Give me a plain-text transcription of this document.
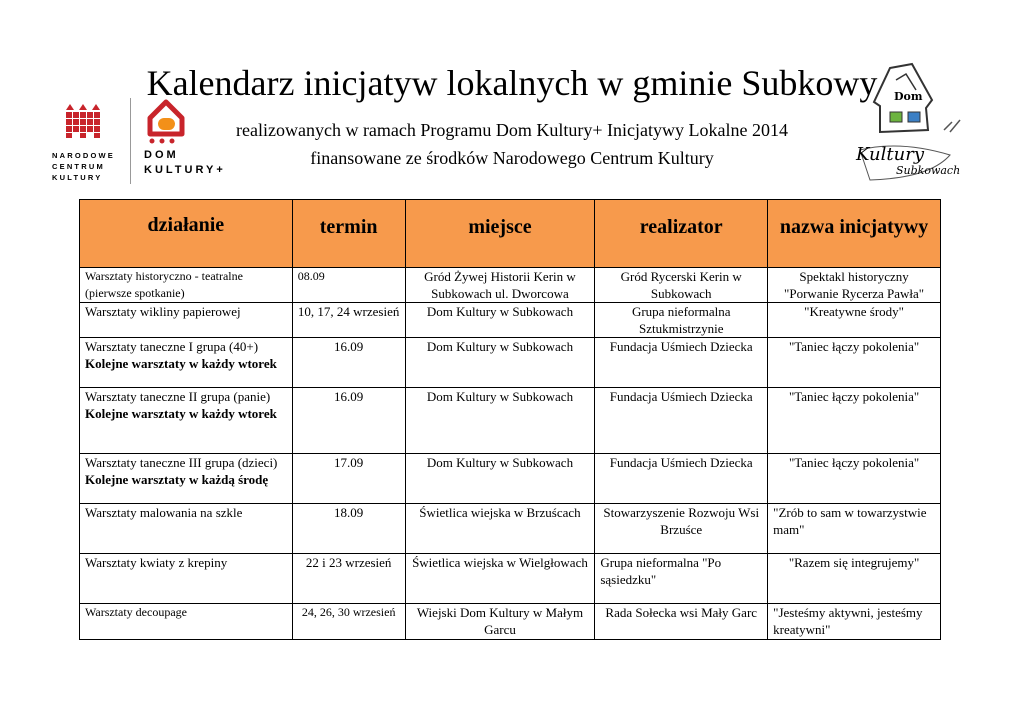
Kalendarz inicjatyw lokalnych w gminie Subkowy
realizowanych w ramach Programu Dom Kultury+ Inicjatywy Lokalne 2014
finansowane ze środków Narodowego Centrum Kultury
NARODOWE
CENTRUM
KULTURY
DOM
KULTURY+
Dom
Kultury
Subkowach
działanie	termin	miejsce	realizator	nazwa inicjatywy
Warsztaty historyczno - teatralne (pierwsze spotkanie)	08.09	Gród Żywej Historii Kerin w Subkowach ul. Dworcowa	Gród Rycerski Kerin w Subkowach	Spektakl historyczny "Porwanie Rycerza Pawła"
Warsztaty wikliny papierowej	10, 17, 24 wrzesień	Dom Kultury w Subkowach	Grupa nieformalna Sztukmistrzynie	"Kreatywne środy"
Warsztaty taneczne I grupa (40+)
Kolejne warsztaty w każdy wtorek	16.09	Dom Kultury w Subkowach	Fundacja Uśmiech Dziecka	"Taniec łączy pokolenia"
Warsztaty taneczne II grupa (panie)
Kolejne warsztaty w każdy wtorek	16.09	Dom Kultury w Subkowach	Fundacja Uśmiech Dziecka	"Taniec łączy pokolenia"
Warsztaty taneczne III grupa (dzieci)
Kolejne warsztaty w każdą środę	17.09	Dom Kultury w Subkowach	Fundacja Uśmiech Dziecka	"Taniec łączy pokolenia"
Warsztaty malowania na szkle	18.09	Świetlica wiejska w Brzuścach	Stowarzyszenie Rozwoju Wsi Brzuśce	"Zrób to sam w towarzystwie mam"
Warsztaty kwiaty z krepiny	22 i 23 wrzesień	Świetlica wiejska w Wielgłowach	Grupa nieformalna "Po sąsiedzku"	"Razem się integrujemy"
Warsztaty decoupage	24, 26, 30 wrzesień	Wiejski Dom Kultury w Małym Garcu	Rada Sołecka wsi Mały Garc	"Jesteśmy aktywni, jesteśmy kreatywni"
